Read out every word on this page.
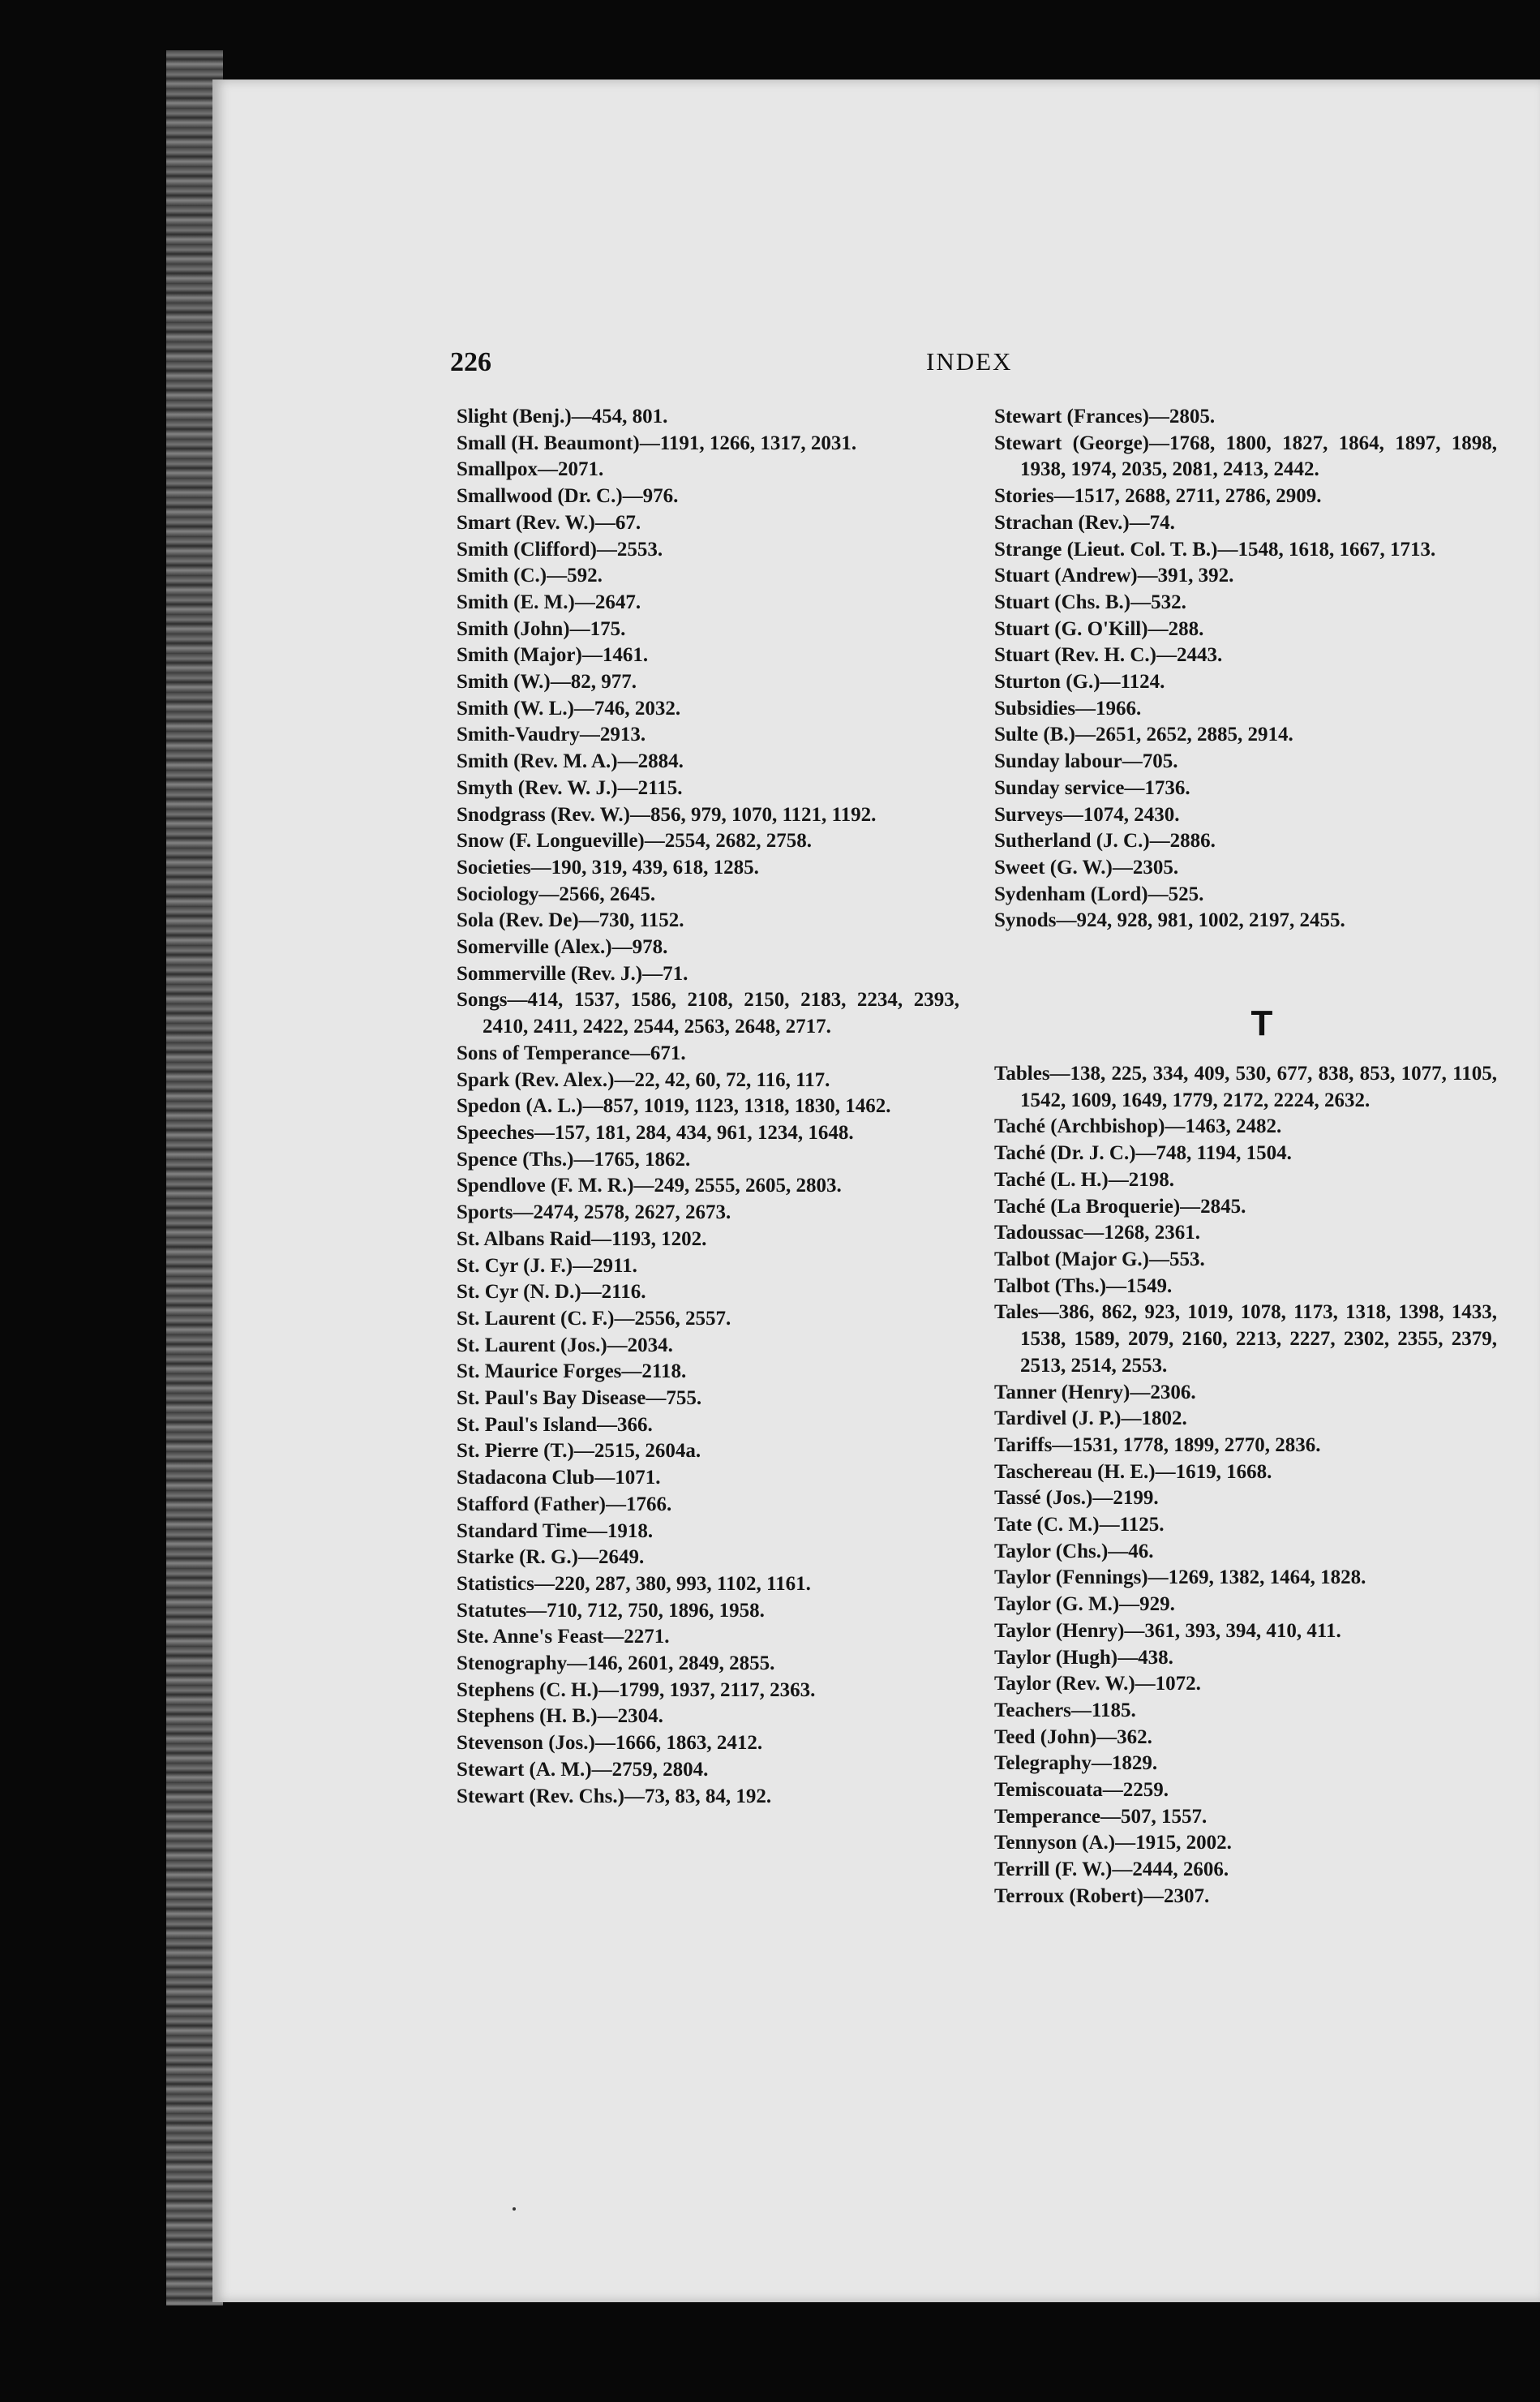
226	INDEX
Slight (Benj.)—454, 801.
Small (H. Beaumont)—1191, 1266, 1317, 2031.
Smallpox—2071.
Smallwood (Dr. C.)—976.
Smart (Rev. W.)—67.
Smith (Clifford)—2553.
Smith (C.)—592.
Smith (E. M.)—2647.
Smith (John)—175.
Smith (Major)—1461.
Smith (W.)—82, 977.
Smith (W. L.)—746, 2032.
Smith-Vaudry—2913.
Smith (Rev. M. A.)—2884.
Smyth (Rev. W. J.)—2115.
Snodgrass (Rev. W.)—856, 979, 1070, 1121, 1192.
Snow (F. Longueville)—2554, 2682, 2758.
Societies—190, 319, 439, 618, 1285.
Sociology—2566, 2645.
Sola (Rev. De)—730, 1152.
Somerville (Alex.)—978.
Sommerville (Rev. J.)—71.
Songs—414, 1537, 1586, 2108, 2150, 2183, 2234, 2393, 2410, 2411, 2422, 2544, 2563, 2648, 2717.
Sons of Temperance—671.
Spark (Rev. Alex.)—22, 42, 60, 72, 116, 117.
Spedon (A. L.)—857, 1019, 1123, 1318, 1830, 1462.
Speeches—157, 181, 284, 434, 961, 1234, 1648.
Spence (Ths.)—1765, 1862.
Spendlove (F. M. R.)—249, 2555, 2605, 2803.
Sports—2474, 2578, 2627, 2673.
St. Albans Raid—1193, 1202.
St. Cyr (J. F.)—2911.
St. Cyr (N. D.)—2116.
St. Laurent (C. F.)—2556, 2557.
St. Laurent (Jos.)—2034.
St. Maurice Forges—2118.
St. Paul's Bay Disease—755.
St. Paul's Island—366.
St. Pierre (T.)—2515, 2604a.
Stadacona Club—1071.
Stafford (Father)—1766.
Standard Time—1918.
Starke (R. G.)—2649.
Statistics—220, 287, 380, 993, 1102, 1161.
Statutes—710, 712, 750, 1896, 1958.
Ste. Anne's Feast—2271.
Stenography—146, 2601, 2849, 2855.
Stephens (C. H.)—1799, 1937, 2117, 2363.
Stephens (H. B.)—2304.
Stevenson (Jos.)—1666, 1863, 2412.
Stewart (A. M.)—2759, 2804.
Stewart (Rev. Chs.)—73, 83, 84, 192.
Stewart (Frances)—2805.
Stewart (George)—1768, 1800, 1827, 1864, 1897, 1898, 1938, 1974, 2035, 2081, 2413, 2442.
Stories—1517, 2688, 2711, 2786, 2909.
Strachan (Rev.)—74.
Strange (Lieut. Col. T. B.)—1548, 1618, 1667, 1713.
Stuart (Andrew)—391, 392.
Stuart (Chs. B.)—532.
Stuart (G. O'Kill)—288.
Stuart (Rev. H. C.)—2443.
Sturton (G.)—1124.
Subsidies—1966.
Sulte (B.)—2651, 2652, 2885, 2914.
Sunday labour—705.
Sunday service—1736.
Surveys—1074, 2430.
Sutherland (J. C.)—2886.
Sweet (G. W.)—2305.
Sydenham (Lord)—525.
Synods—924, 928, 981, 1002, 2197, 2455.
T
Tables—138, 225, 334, 409, 530, 677, 838, 853, 1077, 1105, 1542, 1609, 1649, 1779, 2172, 2224, 2632.
Taché (Archbishop)—1463, 2482.
Taché (Dr. J. C.)—748, 1194, 1504.
Taché (L. H.)—2198.
Taché (La Broquerie)—2845.
Tadoussac—1268, 2361.
Talbot (Major G.)—553.
Talbot (Ths.)—1549.
Tales—386, 862, 923, 1019, 1078, 1173, 1318, 1398, 1433, 1538, 1589, 2079, 2160, 2213, 2227, 2302, 2355, 2379, 2513, 2514, 2553.
Tanner (Henry)—2306.
Tardivel (J. P.)—1802.
Tariffs—1531, 1778, 1899, 2770, 2836.
Taschereau (H. E.)—1619, 1668.
Tassé (Jos.)—2199.
Tate (C. M.)—1125.
Taylor (Chs.)—46.
Taylor (Fennings)—1269, 1382, 1464, 1828.
Taylor (G. M.)—929.
Taylor (Henry)—361, 393, 394, 410, 411.
Taylor (Hugh)—438.
Taylor (Rev. W.)—1072.
Teachers—1185.
Teed (John)—362.
Telegraphy—1829.
Temiscouata—2259.
Temperance—507, 1557.
Tennyson (A.)—1915, 2002.
Terrill (F. W.)—2444, 2606.
Terroux (Robert)—2307.
